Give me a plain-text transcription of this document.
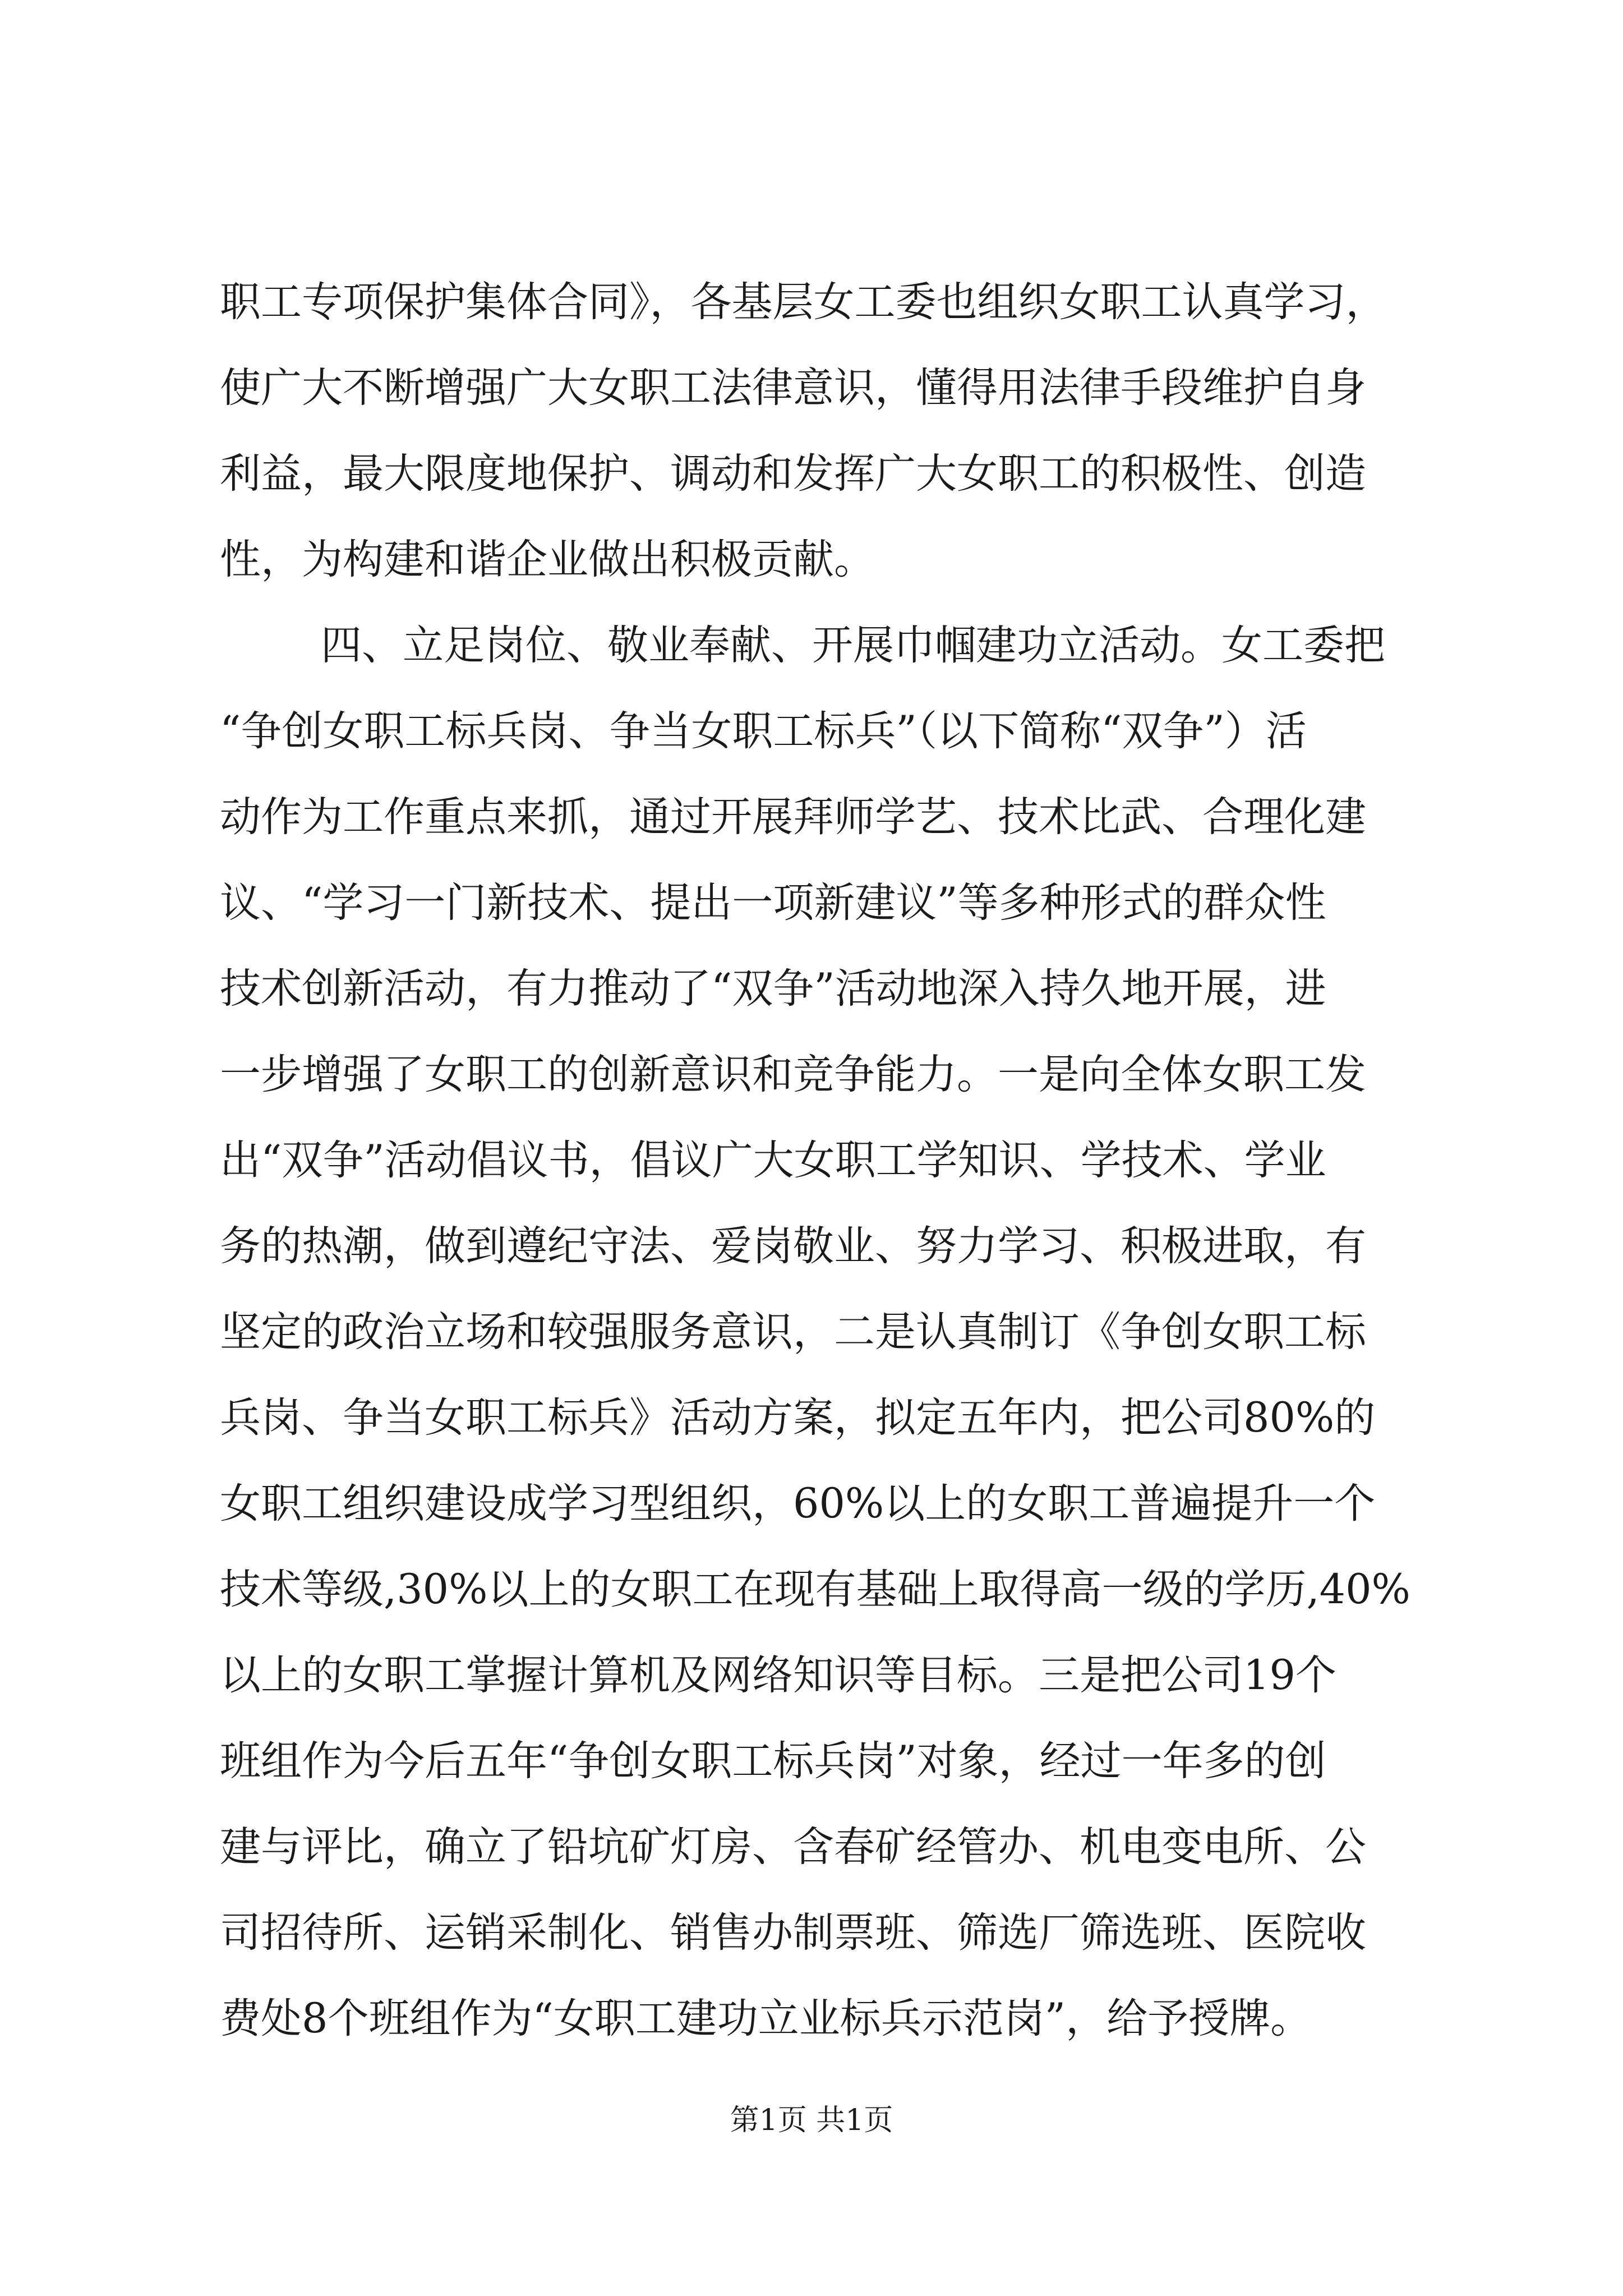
职工专项保护集体合同》，各基层女工委也组织女职工认真学习，
使广大不断增强广大女职工法律意识，懂得用法律手段维护自身
利益，最大限度地保护、调动和发挥广大女职工的积极性、创造
性，为构建和谐企业做出积极贡献。
四、立足岗位、敬业奉献、开展巾帼建功立活动。女工委把
“争创女职工标兵岗、争当女职工标兵”（以下简称“双争”）活
动作为工作重点来抓，通过开展拜师学艺、技术比武、合理化建
议、“学习一门新技术、提出一项新建议”等多种形式的群众性
技术创新活动，有力推动了“双争”活动地深入持久地开展，进
一步增强了女职工的创新意识和竞争能力。一是向全体女职工发
出“双争”活动倡议书，倡议广大女职工学知识、学技术、学业
务的热潮，做到遵纪守法、爱岗敬业、努力学习、积极进取，有
坚定的政治立场和较强服务意识，二是认真制订《争创女职工标
兵岗、争当女职工标兵》活动方案，拟定五年内，把公司80%的
女职工组织建设成学习型组织，60%以上的女职工普遍提升一个
技术等级,30%以上的女职工在现有基础上取得高一级的学历,40%
以上的女职工掌握计算机及网络知识等目标。三是把公司19个
班组作为今后五年“争创女职工标兵岗”对象，经过一年多的创
建与评比，确立了铅坑矿灯房、含春矿经管办、机电变电所、公
司招待所、运销采制化、销售办制票班、筛选厂筛选班、医院收
费处8个班组作为“女职工建功立业标兵示范岗”，给予授牌。
第1页 共1页
